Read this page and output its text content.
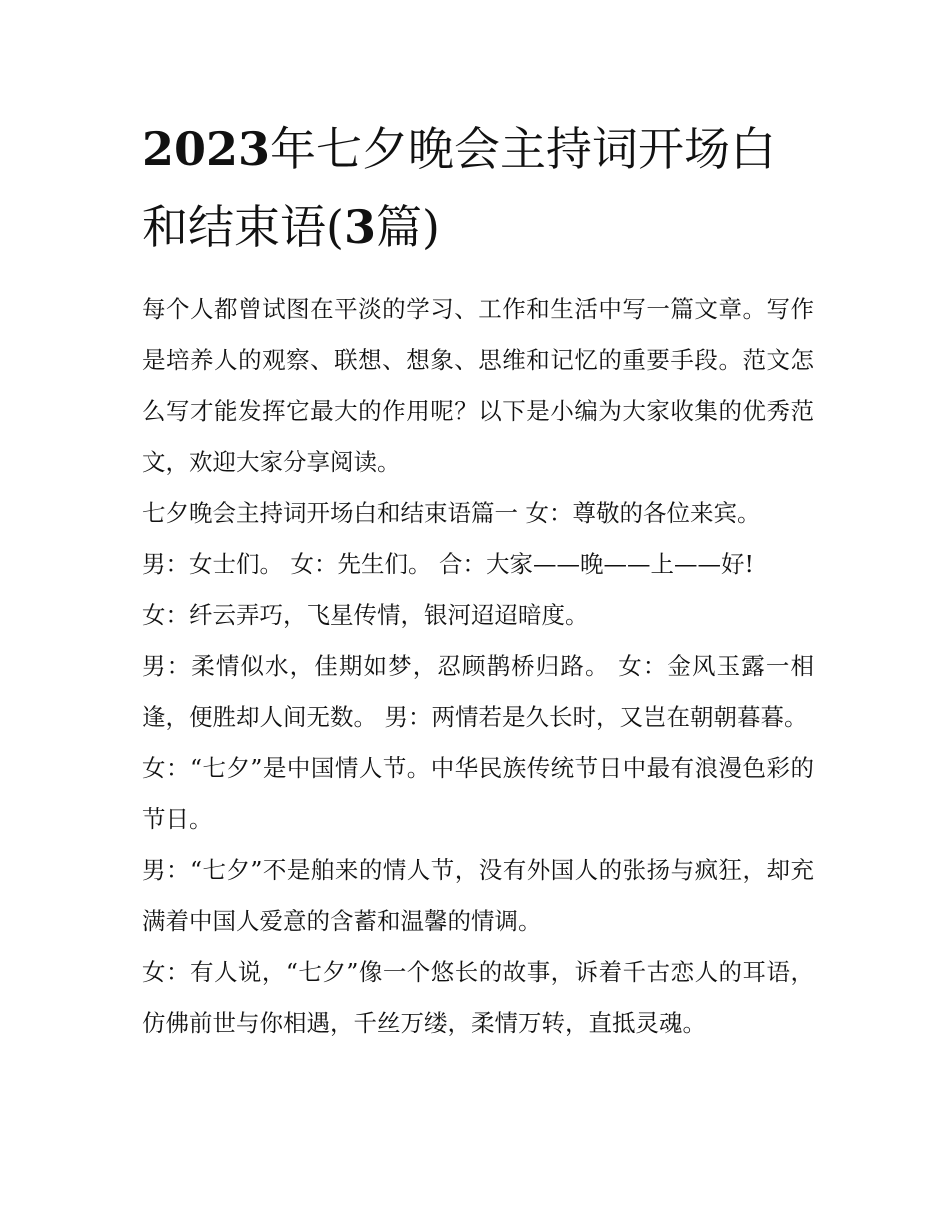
2023年七夕晚会主持词开场白和结束语(3篇)

每个人都曾试图在平淡的学习、工作和生活中写一篇文章。写作是培养人的观察、联想、想象、思维和记忆的重要手段。范文怎么写才能发挥它最大的作用呢？以下是小编为大家收集的优秀范文，欢迎大家分享阅读。

七夕晚会主持词开场白和结束语篇一 女：尊敬的各位来宾。

男：女士们。 女：先生们。 合：大家——晚——上——好!

女：纤云弄巧，飞星传情，银河迢迢暗度。

男：柔情似水，佳期如梦，忍顾鹊桥归路。 女：金风玉露一相逢，便胜却人间无数。 男：两情若是久长时，又岂在朝朝暮暮。

女：“七夕”是中国情人节。中华民族传统节日中最有浪漫色彩的节日。

男：“七夕”不是舶来的情人节，没有外国人的张扬与疯狂，却充满着中国人爱意的含蓄和温馨的情调。

女：有人说，“七夕”像一个悠长的故事，诉着千古恋人的耳语，仿佛前世与你相遇，千丝万缕，柔情万转，直抵灵魂。
